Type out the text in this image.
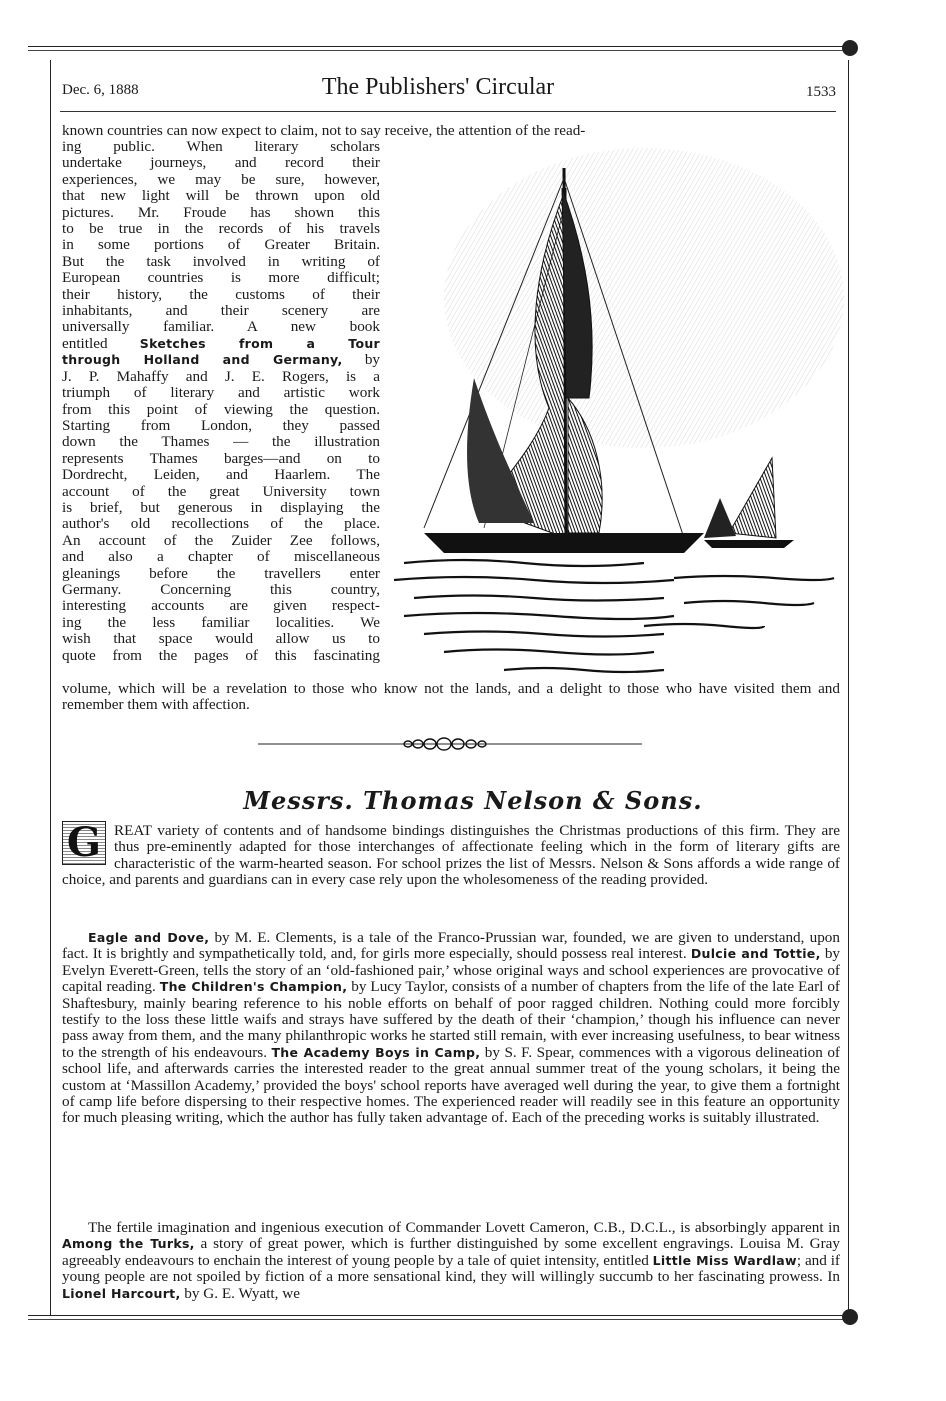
Dec. 6, 1888	The Publishers' Circular	1533

known countries can now expect to claim, not to say receive, the attention of the read-

ing public. When literary scholars
undertake journeys, and record their
experiences, we may be sure, however,
that new light will be thrown upon old
pictures. Mr. Froude has shown this
to be true in the records of his travels
in some portions of Greater Britain.
But the task involved in writing of
European countries is more difficult;
their history, the customs of their
inhabitants, and their scenery are
universally familiar. A new book
entitled	Sketches from a Tour
through Holland and Germany, by
J. P. Mahaffy and J. E. Rogers, is a
triumph of literary and artistic work
from this point of viewing the question.
Starting from London, they passed
down the Thames — the illustration
represents Thames barges—and on to
Dordrecht, Leiden, and Haarlem. The
account of the great University town
is brief, but generous in displaying the
author's old recollections of the place.
An account of the Zuider Zee follows,
and also a chapter of miscellaneous
gleanings before the travellers enter
Germany. Concerning this country,
interesting accounts are given respect-
ing the less familiar localities. We
wish that space would allow us to
quote from the pages of this fascinating

volume, which will be a revelation to those who know not the lands, and a delight to those who have visited them and remember them with affection.

Messrs. Thomas Nelson & Sons.
G REAT variety of contents and of handsome bindings distinguishes the Christmas productions of this firm. They are thus pre-eminently adapted for those interchanges of affectionate feeling which in the form of literary gifts are characteristic of the warm-hearted season. For school prizes the list of Messrs. Nelson & Sons affords a wide range of choice, and parents and guardians can in every case rely upon the wholesomeness of the reading provided.
Eagle and Dove, by M. E. Clements, is a tale of the Franco-Prussian war, founded, we are given to understand, upon fact. It is brightly and sympathetically told, and, for girls more especially, should possess real interest. Dulcie and Tottie, by Evelyn Everett-Green, tells the story of an ‘old-fashioned pair,’ whose original ways and school experiences are provocative of capital reading. The Children's Champion, by Lucy Taylor, consists of a number of chapters from the life of the late Earl of Shaftesbury, mainly bearing reference to his noble efforts on behalf of poor ragged children. Nothing could more forcibly testify to the loss these little waifs and strays have suffered by the death of their ‘champion,’ though his influence can never pass away from them, and the many philanthropic works he started still remain, with ever increasing usefulness, to bear witness to the strength of his endeavours. The Academy Boys in Camp, by S. F. Spear, commences with a vigorous delineation of school life, and afterwards carries the interested reader to the great annual summer treat of the young scholars, it being the custom at ‘Massillon Academy,’ provided the boys' school reports have averaged well during the year, to give them a fortnight of camp life before dispersing to their respective homes. The experienced reader will readily see in this feature an opportunity for much pleasing writing, which the author has fully taken advantage of. Each of the preceding works is suitably illustrated.
The fertile imagination and ingenious execution of Commander Lovett Cameron, C.B., D.C.L., is absorbingly apparent in Among the Turks, a story of great power, which is further distinguished by some excellent engravings. Louisa M. Gray agreeably endeavours to enchain the interest of young people by a tale of quiet intensity, entitled Little Miss Wardlaw; and if young people are not spoiled by fiction of a more sensational kind, they will willingly succumb to her fascinating prowess. In Lionel Harcourt, by G. E. Wyatt, we
